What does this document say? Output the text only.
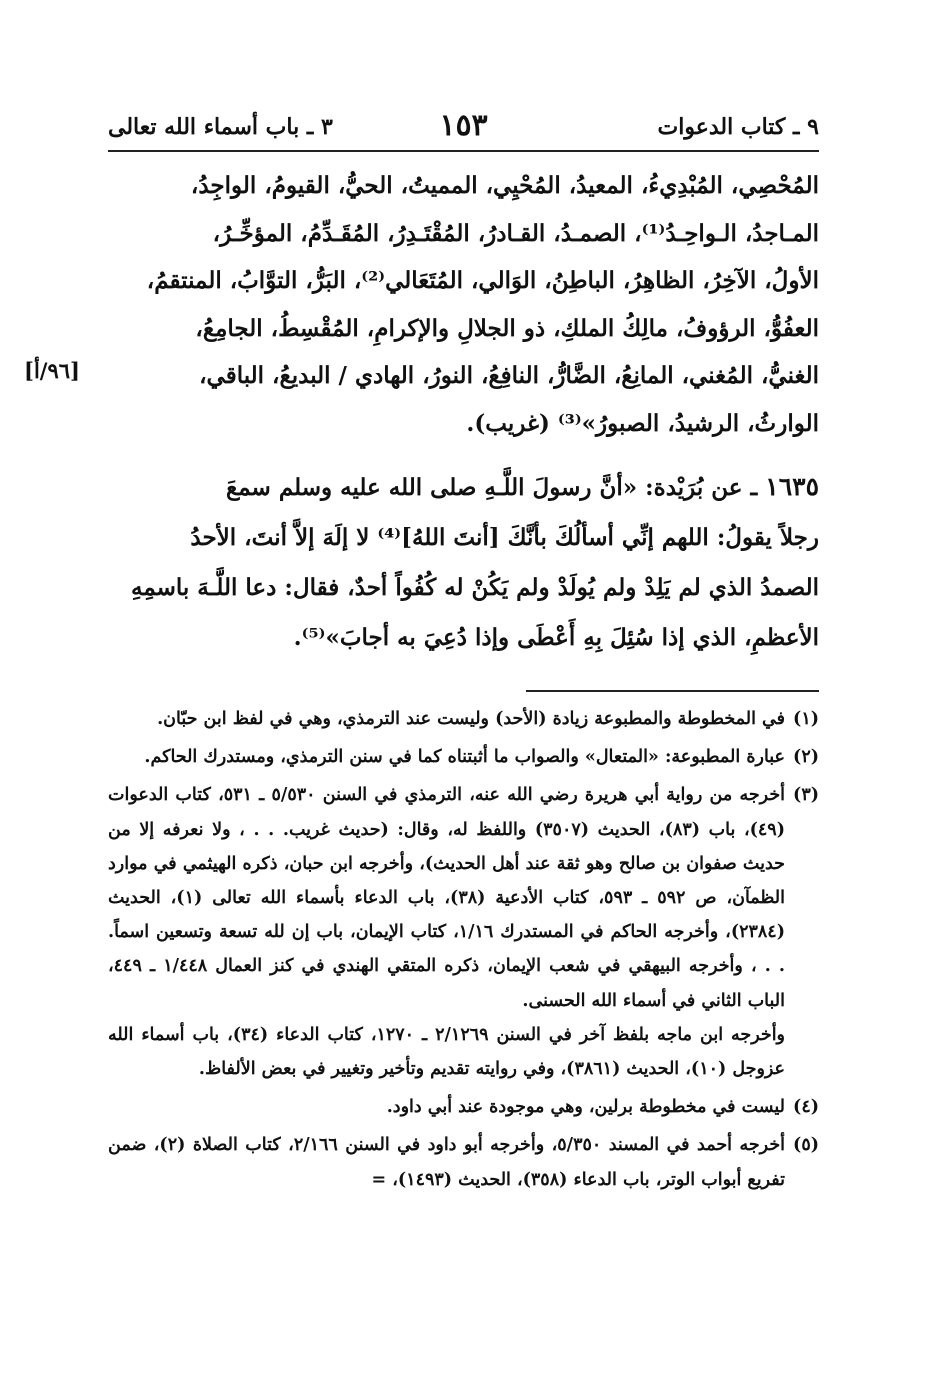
٩ ـ كتاب الدعوات
١٥٣
٣ ـ باب أسماء الله تعالى

المُحْصِي، المُبْدِيءُ، المعيدُ، المُحْيِي، المميتُ، الحيُّ، القيومُ، الواجِدُ،

المـاجدُ، الـواحِـدُ⁽¹⁾، الصمـدُ، القـادرُ، المُقْتَـدِرُ، المُقَـدِّمُ، المؤخِّـرُ،

الأولُ، الآخِرُ، الظاهِرُ، الباطِنُ، الوَالي، المُتَعَالي⁽²⁾، البَرُّ، التوَّابُ، المنتقمُ،

العفُوُّ، الرؤوفُ، مالِكُ الملكِ، ذو الجلالِ والإكرامِ، المُقْسِطُ، الجامِعُ،

الغنيُّ، المُغني، المانِعُ، الضَّارُّ، النافِعُ، النورُ، الهادي / البديعُ، الباقي،

الوارثُ، الرشيدُ، الصبورُ»⁽³⁾ (غريب).

[٩٦/أ]

١٦٣٥ ـ عن بُرَيْدة: «أنَّ رسولَ اللَّـهِ صلى الله عليه وسلم سمعَ

رجلاً يقولُ: اللهم إنِّي أسألُكَ بأنَّكَ [أنتَ اللهُ]⁽⁴⁾ لا إلَهَ إلاَّ أنتَ، الأحدُ

الصمدُ الذي لم يَلِدْ ولم يُولَدْ ولم يَكُنْ له كُفُواً أحدٌ، فقال: دعا اللَّـهَ باسمِهِ

الأعظمِ، الذي إذا سُئِلَ بِهِ أَعْطَى وإذا دُعِيَ به أجابَ»⁽⁵⁾.

(١)

في المخطوطة والمطبوعة زيادة (الأحد) وليست عند الترمذي، وهي في لفظ ابن حبّان.

(٢)

عبارة المطبوعة: «المتعال» والصواب ما أثبتناه كما في سنن الترمذي، ومستدرك الحاكم.

(٣)

أخرجه من رواية أبي هريرة رضي الله عنه، الترمذي في السنن ٥/٥٣٠ ـ ٥٣١، كتاب الدعوات (٤٩)، باب (٨٣)، الحديث (٣٥٠٧) واللفظ له، وقال: (حديث غريب. . . ، ولا نعرفه إلا من حديث صفوان بن صالح وهو ثقة عند أهل الحديث)، وأخرجه ابن حبان، ذكره الهيثمي في موارد الظمآن، ص ٥٩٢ ـ ٥٩٣، كتاب الأدعية (٣٨)، باب الدعاء بأسماء الله تعالى (١)، الحديث (٢٣٨٤)، وأخرجه الحاكم في المستدرك ١/١٦، كتاب الإيمان، باب إن لله تسعة وتسعين اسماً. . . ، وأخرجه البيهقي في شعب الإيمان، ذكره المتقي الهندي في كنز العمال ١/٤٤٨ ـ ٤٤٩، الباب الثاني في أسماء الله الحسنى.

وأخرجه ابن ماجه بلفظ آخر في السنن ٢/١٢٦٩ ـ ١٢٧٠، كتاب الدعاء (٣٤)، باب أسماء الله عزوجل (١٠)، الحديث (٣٨٦١)، وفي روايته تقديم وتأخير وتغيير في بعض الألفاظ.

(٤)

ليست في مخطوطة برلين، وهي موجودة عند أبي داود.

(٥)

أخرجه أحمد في المسند ٥/٣٥٠، وأخرجه أبو داود في السنن ٢/١٦٦، كتاب الصلاة (٢)، ضمن تفريع أبواب الوتر، باب الدعاء (٣٥٨)، الحديث (١٤٩٣)، =
